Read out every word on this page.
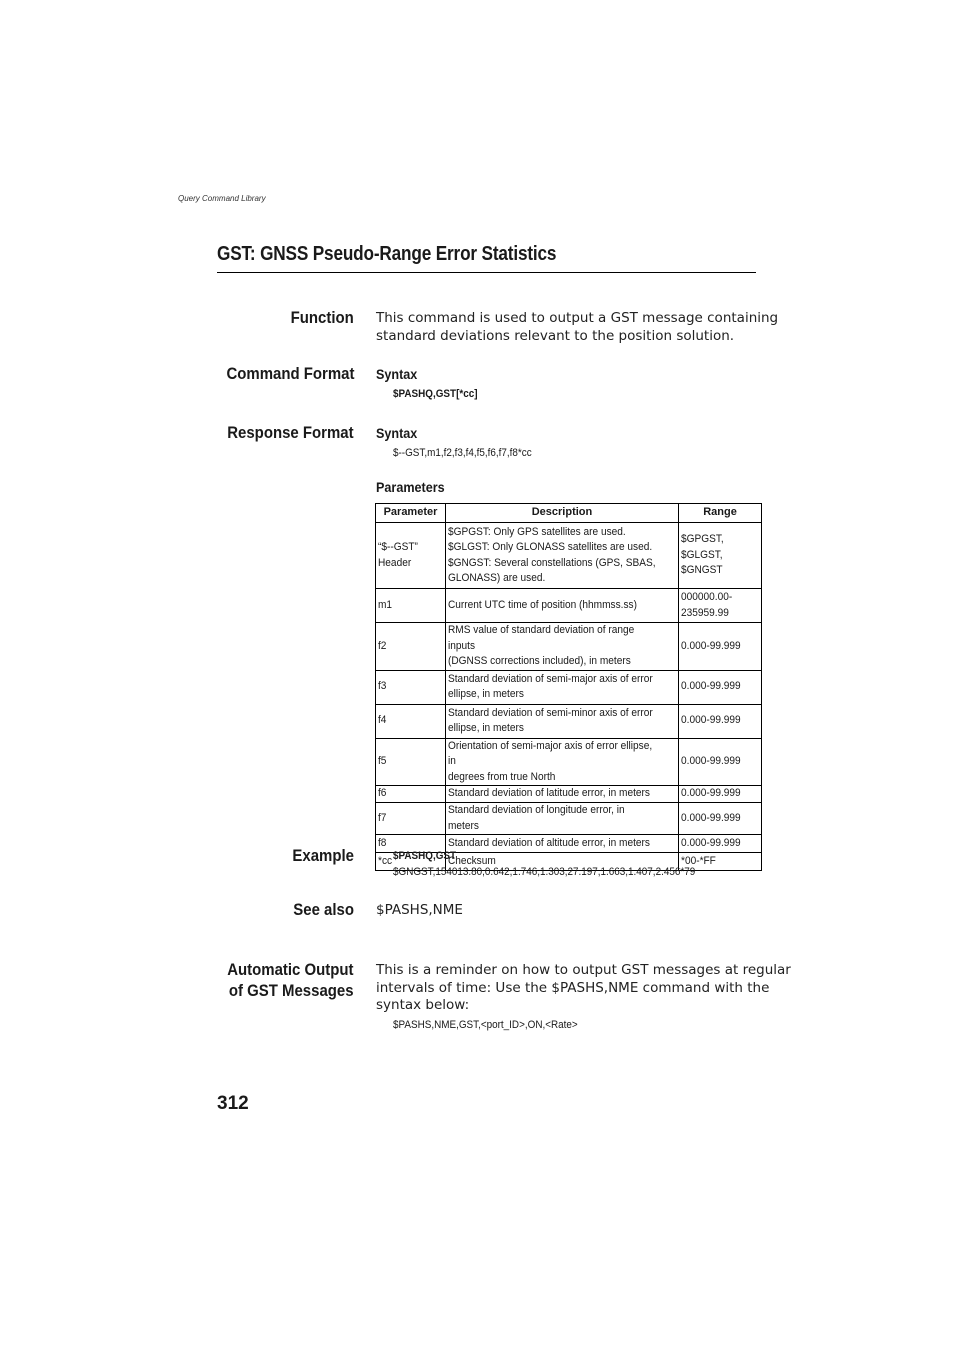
Query Command Library
GST: GNSS Pseudo-Range Error Statistics
Function This command is used to output a GST message containing
standard deviations relevant to the position solution.
Command Format Syntax
$PASHQ,GST[*cc]
Response Format Syntax
$--GST,m1,f2,f3,f4,f5,f6,f7,f8*cc
Parameters
Parameter	Description	Range

“$--GST”
Header	$GPGST: Only GPS satellites are used.
$GLGST: Only GLONASS satellites are used.
$GNGST: Several constellations (GPS, SBAS,
GLONASS) are used.	$GPGST,
$GLGST,
$GNGST

m1	Current UTC time of position (hhmmss.ss)	000000.00-
235959.99

f2	RMS value of standard deviation of range inputs
(DGNSS corrections included), in meters	0.000-99.999

f3	Standard deviation of semi-major axis of error
ellipse, in meters	0.000-99.999

f4	Standard deviation of semi-minor axis of error
ellipse, in meters	0.000-99.999

f5	Orientation of semi-major axis of error ellipse, in
degrees from true North	0.000-99.999

f6	Standard deviation of latitude error, in meters	0.000-99.999

f7	Standard deviation of longitude error, in meters	0.000-99.999

f8	Standard deviation of altitude error, in meters	0.000-99.999

*cc	Checksum	*00-*FF
Example	$PASHQ,GST
$GNGST,154013.80,0.642,1.746,1.303,27.197,1.663,1.407,2.456*79
See also $PASHS,NME
Automatic Output
of GST Messages
This is a reminder on how to output GST messages at regular
intervals of time: Use the $PASHS,NME command with the
syntax below:
$PASHS,NME,GST,<port_ID>,ON,<Rate>
312
